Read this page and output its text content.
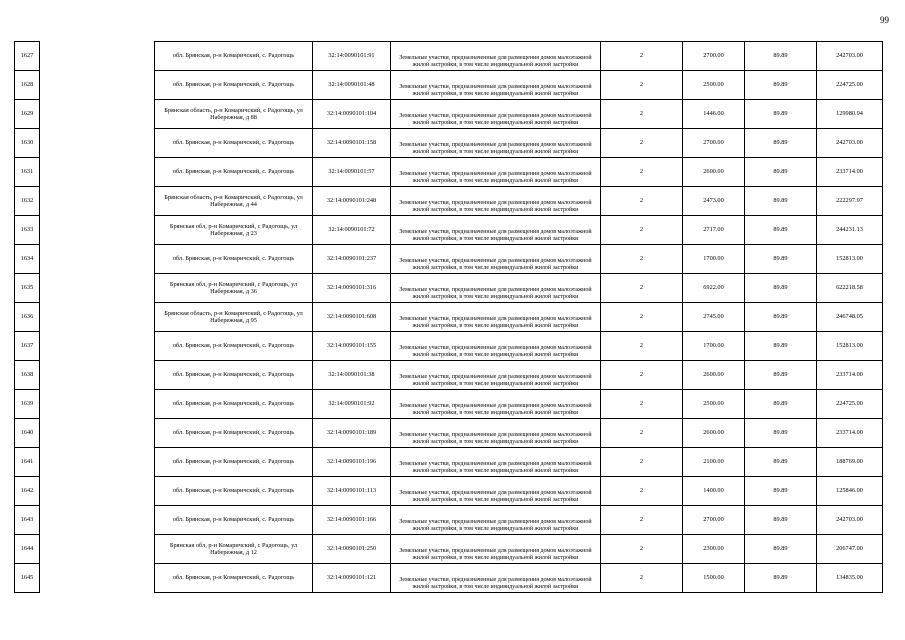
99
1627		обл. Брянская, р-н Комаричский, с. Радогощь	32:14:0090101:91	Земельные участки, предназначенные для размещения домов малоэтажной жилой застройки, в том числе индивидуальной жилой застройки	2	2700.00	89.89	242703.00
1628		обл. Брянская, р-н Комаричский, с. Радогощь	32:14:0090101:48	Земельные участки, предназначенные для размещения домов малоэтажной жилой застройки, в том числе индивидуальной жилой застройки	2	2500.00	89.89	224725.00
1629		Брянская область, р-н Комаричский, с Радогощь, ул Набережная, д 88	32:14:0090101:104	Земельные участки, предназначенные для размещения домов малоэтажной жилой застройки, в том числе индивидуальной жилой застройки	2	1446.00	89.89	129980.94
1630		обл. Брянская, р-н Комаричский, с. Радогощь	32:14:0090101:158	Земельные участки, предназначенные для размещения домов малоэтажной жилой застройки, в том числе индивидуальной жилой застройки	2	2700.00	89.89	242703.00
1631		обл. Брянская, р-н Комаричский, с. Радогощь	32:14:0090101:57	Земельные участки, предназначенные для размещения домов малоэтажной жилой застройки, в том числе индивидуальной жилой застройки	2	2600.00	89.89	233714.00
1632		Брянская область, р-н Комаричский, с Радогощь, ул Набережная, д 44	32:14:0090101:248	Земельные участки, предназначенные для размещения домов малоэтажной жилой застройки, в том числе индивидуальной жилой застройки	2	2473.00	89.89	222297.97
1633		Брянская обл, р-н Комаричский, с Радогощь, ул Набережная, д 23	32:14:0090101:72	Земельные участки, предназначенные для размещения домов малоэтажной жилой застройки, в том числе индивидуальной жилой застройки	2	2717.00	89.89	244231.13
1634		обл. Брянская, р-н Комаричский, с. Радогощь	32:14:0090101:237	Земельные участки, предназначенные для размещения домов малоэтажной жилой застройки, в том числе индивидуальной жилой застройки	2	1700.00	89.89	152813.00
1635		Брянская обл, р-н Комаричский, с Радогощь, ул Набережная, д 36	32:14:0090101:316	Земельные участки, предназначенные для размещения домов малоэтажной жилой застройки, в том числе индивидуальной жилой застройки	2	6922.00	89.89	622218.58
1636		Брянская область, р-н Комаричский, с Радогощь, ул Набережная, д 95	32:14:0090101:608	Земельные участки, предназначенные для размещения домов малоэтажной жилой застройки, в том числе индивидуальной жилой застройки	2	2745.00	89.89	246748.05
1637		обл. Брянская, р-н Комаричский, с. Радогощь	32:14:0090101:155	Земельные участки, предназначенные для размещения домов малоэтажной жилой застройки, в том числе индивидуальной жилой застройки	2	1700.00	89.89	152813.00
1638		обл. Брянская, р-н Комаричский, с. Радогощь	32:14:0090101:38	Земельные участки, предназначенные для размещения домов малоэтажной жилой застройки, в том числе индивидуальной жилой застройки	2	2600.00	89.89	233714.00
1639		обл. Брянская, р-н Комаричский, с. Радогощь	32:14:0090101:92	Земельные участки, предназначенные для размещения домов малоэтажной жилой застройки, в том числе индивидуальной жилой застройки	2	2500.00	89.89	224725.00
1640		обл. Брянская, р-н Комаричский, с. Радогощь	32:14:0090101:189	Земельные участки, предназначенные для размещения домов малоэтажной жилой застройки, в том числе индивидуальной жилой застройки	2	2600.00	89.89	233714.00
1641		обл. Брянская, р-н Комаричский, с. Радогощь	32:14:0090101:196	Земельные участки, предназначенные для размещения домов малоэтажной жилой застройки, в том числе индивидуальной жилой застройки	2	2100.00	89.89	188769.00
1642		обл. Брянская, р-н Комаричский, с. Радогощь	32:14:0090101:113	Земельные участки, предназначенные для размещения домов малоэтажной жилой застройки, в том числе индивидуальной жилой застройки	2	1400.00	89.89	125846.00
1643		обл. Брянская, р-н Комаричский, с. Радогощь	32:14:0090101:166	Земельные участки, предназначенные для размещения домов малоэтажной жилой застройки, в том числе индивидуальной жилой застройки	2	2700.00	89.89	242703.00
1644		Брянская обл, р-н Комаричский, с Радогощь, ул Набережная, д 12	32:14:0090101:250	Земельные участки, предназначенные для размещения домов малоэтажной жилой застройки, в том числе индивидуальной жилой застройки	2	2300.00	89.89	206747.00
1645		обл. Брянская, р-н Комаричский, с. Радогощь	32:14:0090101:121	Земельные участки, предназначенные для размещения домов малоэтажной жилой застройки, в том числе индивидуальной жилой застройки	2	1500.00	89.89	134835.00
